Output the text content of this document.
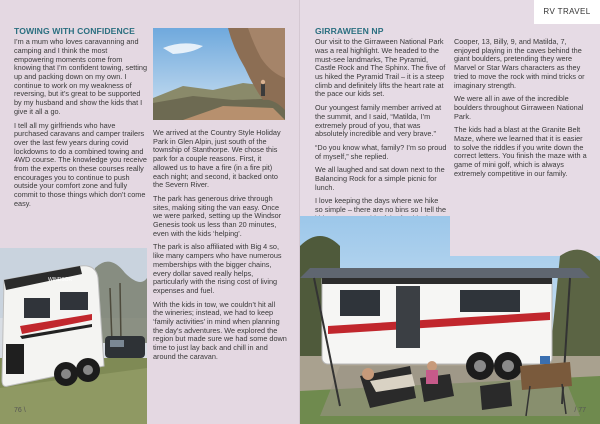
TOWING WITH CONFIDENCE

I’m a mum who loves caravanning and camping and I think the most empowering moments come from knowing that I’m confident towing, setting up and packing down on my own. I continue to work on my weakness of reversing, but it’s great to be supported by my husband and show the kids that I give it all a go.

I tell all my girlfriends who have purchased caravans and camper trailers over the last few years during covid lockdowns to do a combined towing and 4WD course. The knowledge you receive from the experts on these courses really encourages you to continue to push outside your comfort zone and fully commit to those things which don’t come easy.

We arrived at the Country Style Holiday Park in Glen Alpin, just south of the township of Stanthorpe. We chose this park for a couple reasons. First, it allowed us to have a fire (in a fire pit) each night; and second, it backed onto the Severn River.

The park has generous drive through sites, making siting the van easy. Once we were parked, setting up the Windsor Genesis took us less than 20 minutes, even with the kids ‘helping’.

The park is also affiliated with Big 4 so, like many campers who have numerous memberships with the bigger chains, every dollar saved really helps, particularly with the rising cost of living expenses and fuel.

With the kids in tow, we couldn’t hit all the wineries; instead, we had to keep ‘family activities’ in mind when planning the day’s adventures. We explored the region but made sure we had some down time to just lay back and chill in and around the caravan.

WINDSOR
76 \
RV TRAVEL
GIRRAWEEN NP

Our visit to the Girraween National Park was a real highlight. We headed to the must-see landmarks, The Pyramid, Castle Rock and The Sphinx. The five of us hiked the Pyramid Trail – it is a steep climb and definitely lifts the heart rate at the pace our kids set.

Our youngest family member arrived at the summit, and I said, “Matilda, I’m extremely proud of you, that was absolutely incredible and very brave.”

“Do you know what, family? I’m so proud of myself,” she replied.

We all laughed and sat down next to the Balancing Rock for a simple picnic for lunch.

I love keeping the days where we hike so simple – there are no bins so I tell the

Cooper, 13, Billy, 9, and Matilda, 7, enjoyed playing in the caves behind the giant boulders, pretending they were Marvel or Star Wars characters as they tried to move the rock with mind tricks or imaginary strength.

We were all in awe of the incredible boulders throughout Girraween National Park.

The kids had a blast at the Granite Belt Maze, where we learned that it is easier to solve the riddles if you write down the correct letters. You finish the maze with a game of mini golf, which is always extremely competitive in our family.

/ 77
